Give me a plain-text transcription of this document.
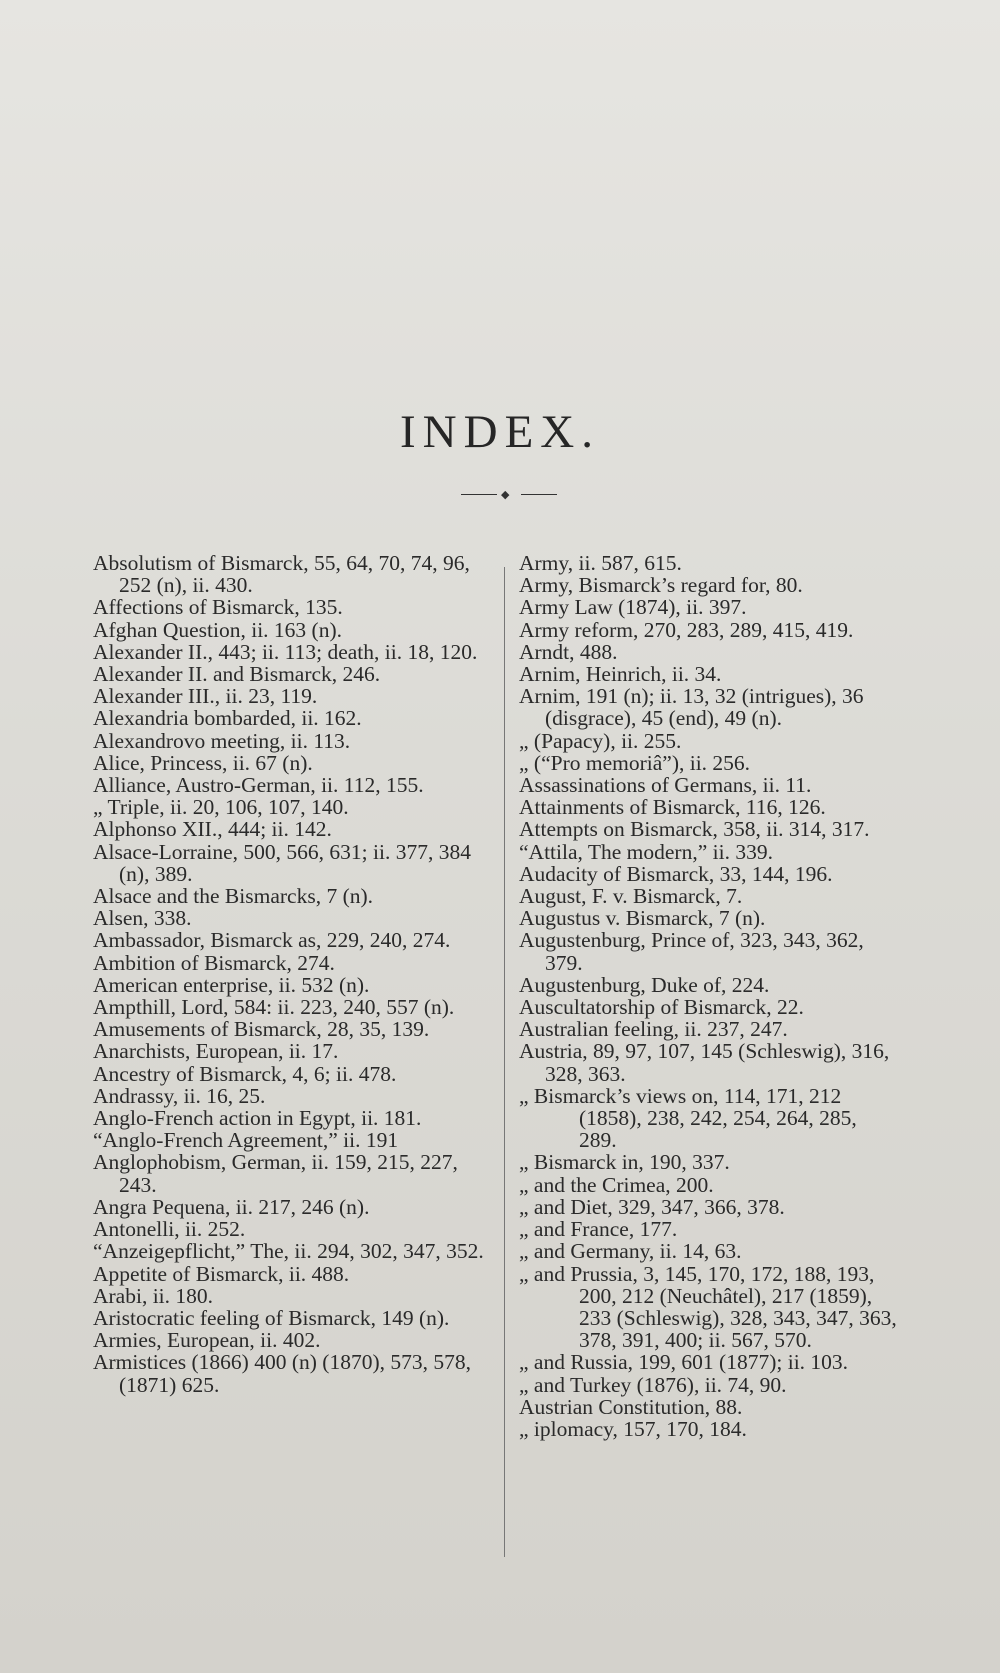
INDEX.
◆

Absolutism of Bismarck, 55, 64, 70, 74, 96, 252 (n), ii. 430.

Affections of Bismarck, 135.

Afghan Question, ii. 163 (n).

Alexander II., 443; ii. 113; death, ii. 18, 120.

Alexander II. and Bismarck, 246.

Alexander III., ii. 23, 119.

Alexandria bombarded, ii. 162.

Alexandrovo meeting, ii. 113.

Alice, Princess, ii. 67 (n).

Alliance, Austro-German, ii. 112, 155.

„ Triple, ii. 20, 106, 107, 140.

Alphonso XII., 444; ii. 142.

Alsace-Lorraine, 500, 566, 631; ii. 377, 384 (n), 389.

Alsace and the Bismarcks, 7 (n).

Alsen, 338.

Ambassador, Bismarck as, 229, 240, 274.

Ambition of Bismarck, 274.

American enterprise, ii. 532 (n).

Ampthill, Lord, 584: ii. 223, 240, 557 (n).

Amusements of Bismarck, 28, 35, 139.

Anarchists, European, ii. 17.

Ancestry of Bismarck, 4, 6; ii. 478.

Andrassy, ii. 16, 25.

Anglo-French action in Egypt, ii. 181.

“Anglo-French Agreement,” ii. 191

Anglophobism, German, ii. 159, 215, 227, 243.

Angra Pequena, ii. 217, 246 (n).

Antonelli, ii. 252.

“Anzeigepflicht,” The, ii. 294, 302, 347, 352.

Appetite of Bismarck, ii. 488.

Arabi, ii. 180.

Aristocratic feeling of Bismarck, 149 (n).

Armies, European, ii. 402.

Armistices (1866) 400 (n) (1870), 573, 578, (1871) 625.

Army, ii. 587, 615.

Army, Bismarck’s regard for, 80.

Army Law (1874), ii. 397.

Army reform, 270, 283, 289, 415, 419.

Arndt, 488.

Arnim, Heinrich, ii. 34.

Arnim, 191 (n); ii. 13, 32 (intrigues), 36 (disgrace), 45 (end), 49 (n).

„ (Papacy), ii. 255.

„ (“Pro memoriâ”), ii. 256.

Assassinations of Germans, ii. 11.

Attainments of Bismarck, 116, 126.

Attempts on Bismarck, 358, ii. 314, 317.

“Attila, The modern,” ii. 339.

Audacity of Bismarck, 33, 144, 196.

August, F. v. Bismarck, 7.

Augustus v. Bismarck, 7 (n).

Augustenburg, Prince of, 323, 343, 362, 379.

Augustenburg, Duke of, 224.

Auscultatorship of Bismarck, 22.

Australian feeling, ii. 237, 247.

Austria, 89, 97, 107, 145 (Schleswig), 316, 328, 363.

„ Bismarck’s views on, 114, 171, 212 (1858), 238, 242, 254, 264, 285, 289.

„ Bismarck in, 190, 337.

„ and the Crimea, 200.

„ and Diet, 329, 347, 366, 378.

„ and France, 177.

„ and Germany, ii. 14, 63.

„ and Prussia, 3, 145, 170, 172, 188, 193, 200, 212 (Neuchâtel), 217 (1859), 233 (Schleswig), 328, 343, 347, 363, 378, 391, 400; ii. 567, 570.

„ and Russia, 199, 601 (1877); ii. 103.

„ and Turkey (1876), ii. 74, 90.

Austrian Constitution, 88.

„ iplomacy, 157, 170, 184.
